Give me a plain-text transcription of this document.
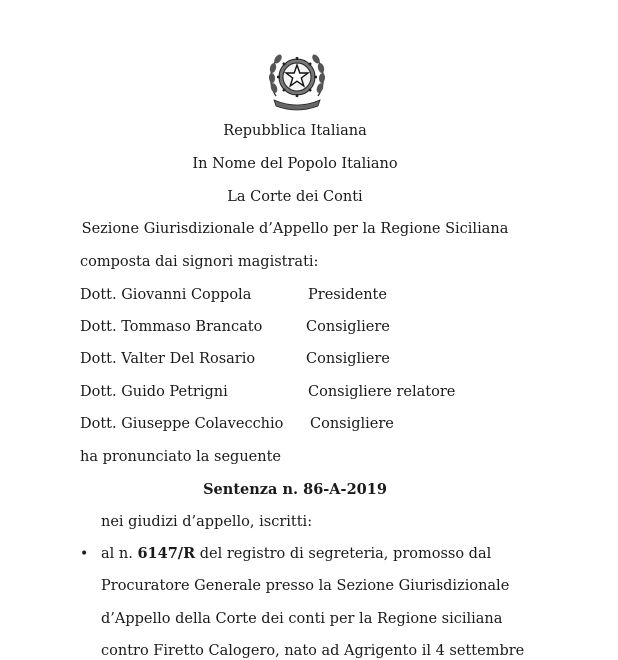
Repubblica Italiana
In Nome del Popolo Italiano
La Corte dei Conti
Sezione Giurisdizionale d’Appello per la Regione Siciliana
composta dai signori magistrati:
Dott. Giovanni Coppola	Presidente
Dott. Tommaso Brancato	Consigliere
Dott. Valter Del Rosario	Consigliere
Dott. Guido Petrigni	Consigliere relatore
Dott. Giuseppe Colavecchio Consigliere
ha pronunciato la seguente
Sentenza n. 86-A-2019
nei giudizi d’appello, iscritti:
• al n. 6147/R del registro di segreteria, promosso dal
Procuratore Generale presso la Sezione Giurisdizionale
d’Appello della Corte dei conti per la Regione siciliana
contro Firetto Calogero, nato ad Agrigento il 4 settembre
